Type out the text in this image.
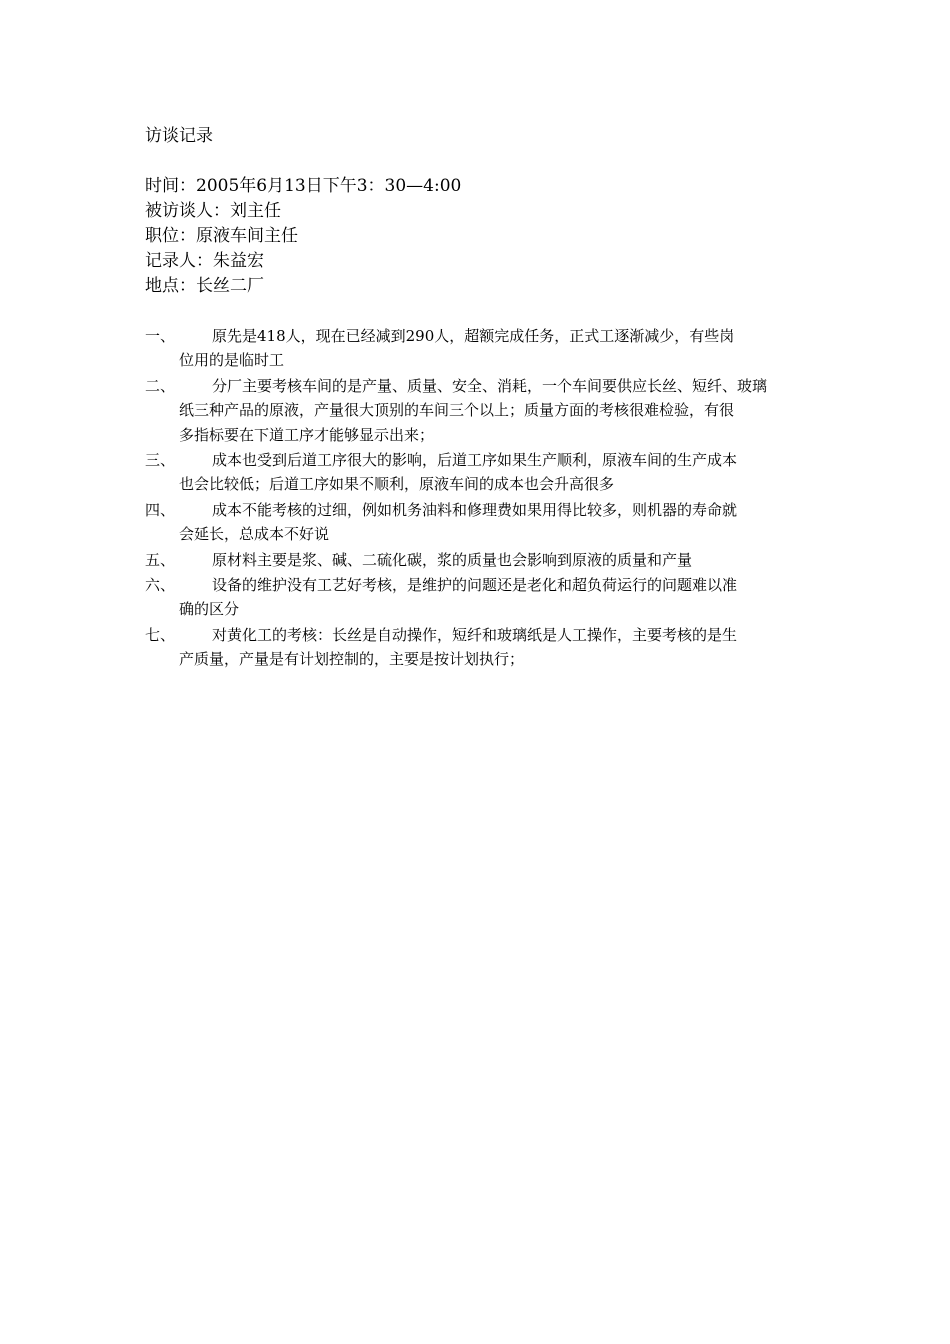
访谈记录
时间：2005年6月13日下午3：30—4:00
被访谈人：刘主任
职位：原液车间主任
记录人：朱益宏
地点：长丝二厂
一、	原先是418人，现在已经减到290人，超额完成任务，正式工逐渐减少，有些岗
位用的是临时工
二、	分厂主要考核车间的是产量、质量、安全、消耗，一个车间要供应长丝、短纤、玻璃
纸三种产品的原液，产量很大顶别的车间三个以上；质量方面的考核很难检验，有很
多指标要在下道工序才能够显示出来；
三、	成本也受到后道工序很大的影响，后道工序如果生产顺利，原液车间的生产成本
也会比较低；后道工序如果不顺利，原液车间的成本也会升高很多
四、	成本不能考核的过细，例如机务油料和修理费如果用得比较多，则机器的寿命就
会延长，总成本不好说
五、	原材料主要是浆、碱、二硫化碳，浆的质量也会影响到原液的质量和产量
六、	设备的维护没有工艺好考核，是维护的问题还是老化和超负荷运行的问题难以准
确的区分
七、	对黄化工的考核：长丝是自动操作，短纤和玻璃纸是人工操作，主要考核的是生
产质量，产量是有计划控制的，主要是按计划执行；
